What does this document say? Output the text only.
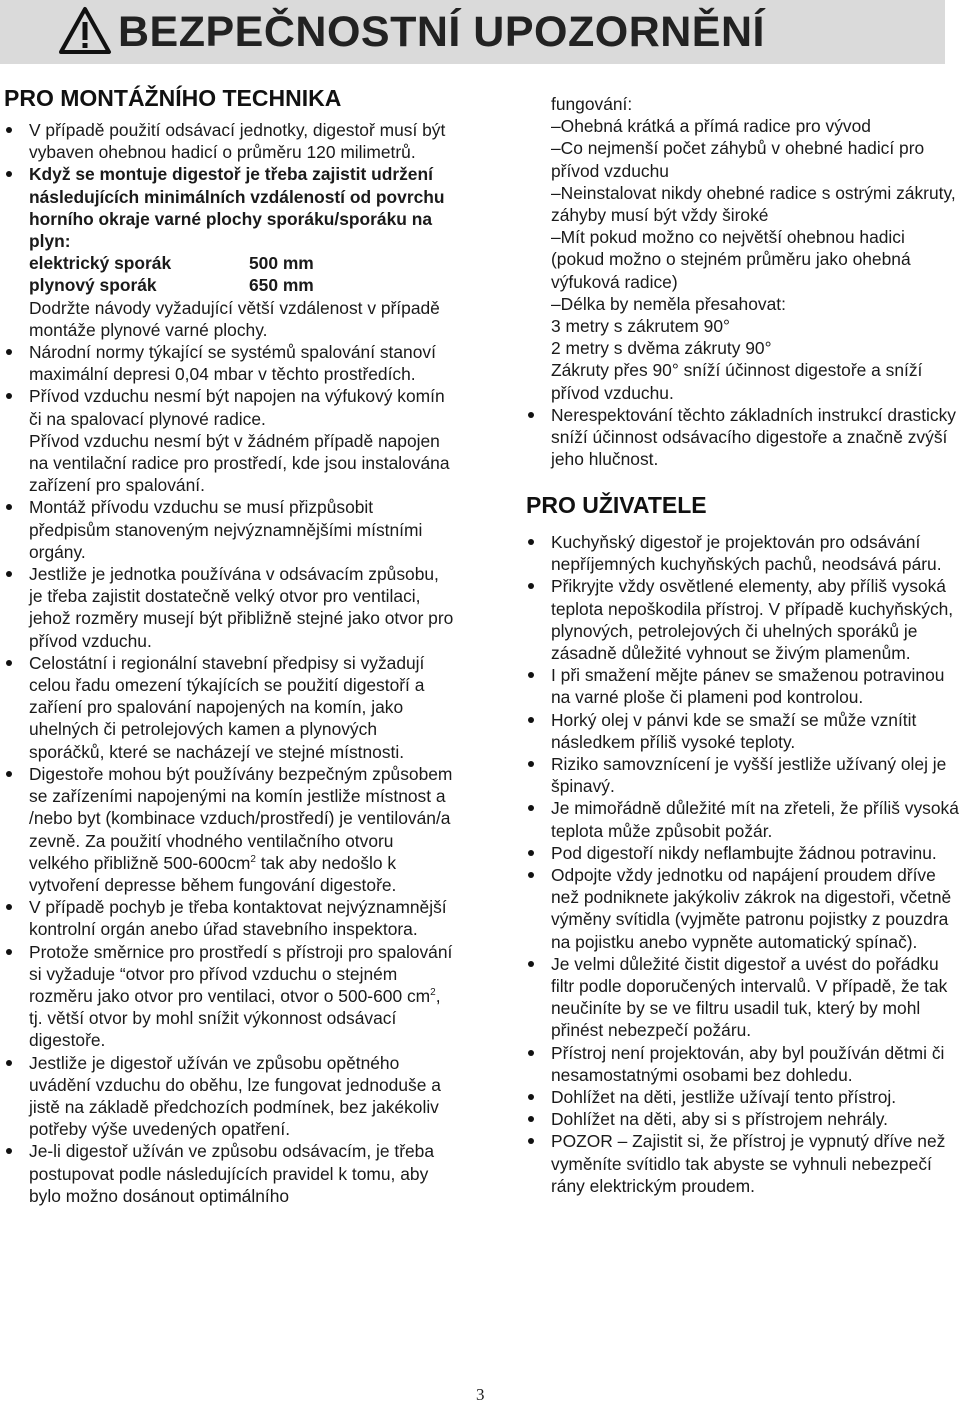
BEZPEČNOSTNÍ UPOZORNĚNÍ
PRO MONTÁŽNÍHO TECHNIKA
V případě použití odsávací jednotky, digestoř musí být vybaven ohebnou hadicí o průměru 120 milimetrů.
Když se montuje digestoř je třeba zajistit udržení následujících minimálních vzdáleností od povrchu horního okraje varné plochy sporáku/sporáku na plyn:
elektrický sporák	500 mm
plynový sporák	650 mm
Dodržte návody vyžadující větší vzdálenost v případě montáže plynové varné plochy.
Národní normy týkající se systémů spalování stanoví maximální depresi 0,04 mbar v těchto prostředích.
Přívod vzduchu nesmí být napojen na výfukový komín či na spalovací plynové radice.
Přívod vzduchu nesmí být v žádném případě napojen na ventilační radice pro prostředí, kde jsou instalována zařízení pro spalování.
Montáž přívodu vzduchu se musí přizpůsobit předpisům stanoveným nejvýznamnějšími místními orgány.
Jestliže je jednotka používána v odsávacím způsobu, je třeba zajistit dostatečně velký otvor pro ventilaci, jehož rozměry musejí být přibližně stejné jako otvor pro přívod vzduchu.
Celostátní i regionální stavební předpisy si vyžadují celou řadu omezení týkajících se použití digestoří a zaříení pro spalování napojených na komín, jako uhelných či petrolejových kamen a plynových sporáčků, které se nacházejí ve stejné místnosti.
Digestoře mohou být používány bezpečným způsobem se zařízeními napojenými na komín jestliže místnost a /nebo byt (kombinace vzduch/prostředí) je ventilován/a zevně. Za použití vhodného ventilačního otvoru velkého přibližně $500-600cm^2$ tak aby nedošlo k vytvoření depresse během fungování digestoře.
V případě pochyb je třeba kontaktovat nejvýznamnější kontrolní orgán anebo úřad stavebního inspektora.
Protože směrnice pro prostředí s přístroji pro spalování si vyžaduje “otvor pro přívod vzduchu o stejném rozměru jako otvor pro ventilaci, otvor o 500-600 $cm^2$, tj. větší otvor by mohl snížit výkonnost odsávací digestoře.
Jestliže je digestoř užíván ve způsobu opětného uvádění vzduchu do oběhu, lze fungovat jednoduše a jistě na základě předchozích podmínek, bez jakékoliv potřeby výše uvedených opatření.
Je-li digestoř užíván ve způsobu odsávacím, je třeba postupovat podle následujících pravidel k tomu, aby bylo možno dosánout optimálního
fungování:
–Ohebná krátká a přímá radice pro vývod
–Co nejmenší počet záhybů v ohebné hadicí pro přívod vzduchu
–Neinstalovat nikdy ohebné radice s ostrými zákruty, záhyby musí být vždy široké
–Mít pokud možno co největší ohebnou hadici (pokud možno o stejném průměru jako ohebná výfuková radice)
–Délka by neměla přesahovat:
3 metry s zákrutem 90°
2 metry s dvěma zákruty 90°
Zákruty přes 90° sníží účinnost digestoře a sníží přívod vzduchu.
Nerespektování těchto základních instrukcí drasticky sníží účinnost odsávacího digestoře a značně zvýší jeho hlučnost.
PRO UŽIVATELE
Kuchyňský digestoř je projektován pro odsávání nepříjemných kuchyňských pachů, neodsává páru.
Přikryjte vždy osvětlené elementy, aby příliš vysoká teplota nepoškodila přístroj. V případě kuchyňských, plynových, petrolejových či uhelných sporáků je zásadně důležité vyhnout se živým plamenům.
I při smažení mějte pánev se smaženou potravinou na varné ploše či plameni pod kontrolou.
Horký olej v pánvi kde se smaží se může vznítit následkem příliš vysoké teploty.
Riziko samovznícení je vyšší jestliže užívaný olej je špinavý.
Je mimořádně důležité mít na zřeteli, že příliš vysoká teplota může způsobit požár.
Pod digestoří nikdy neflambujte žádnou potravinu.
Odpojte vždy jednotku od napájení proudem dříve než podniknete jakýkoliv zákrok na digestoři, včetně výměny svítidla (vyjměte patronu pojistky z pouzdra na pojistku anebo vypněte automatický spínač).
Je velmi důležité čistit digestoř a uvést do pořádku filtr podle doporučených intervalů. V případě, že tak neučiníte by se ve filtru usadil tuk, který by mohl přinést nebezpečí požáru.
Přístroj není projektován, aby byl používán dětmi či nesamostatnými osobami bez dohledu.
Dohlížet na děti, jestliže užívají tento přístroj.
Dohlížet na děti, aby si s přístrojem nehrály.
POZOR – Zajistit si, že přístroj je vypnutý dříve než vyměníte svítidlo tak abyste se vyhnuli nebezpečí rány elektrickým proudem.
3
